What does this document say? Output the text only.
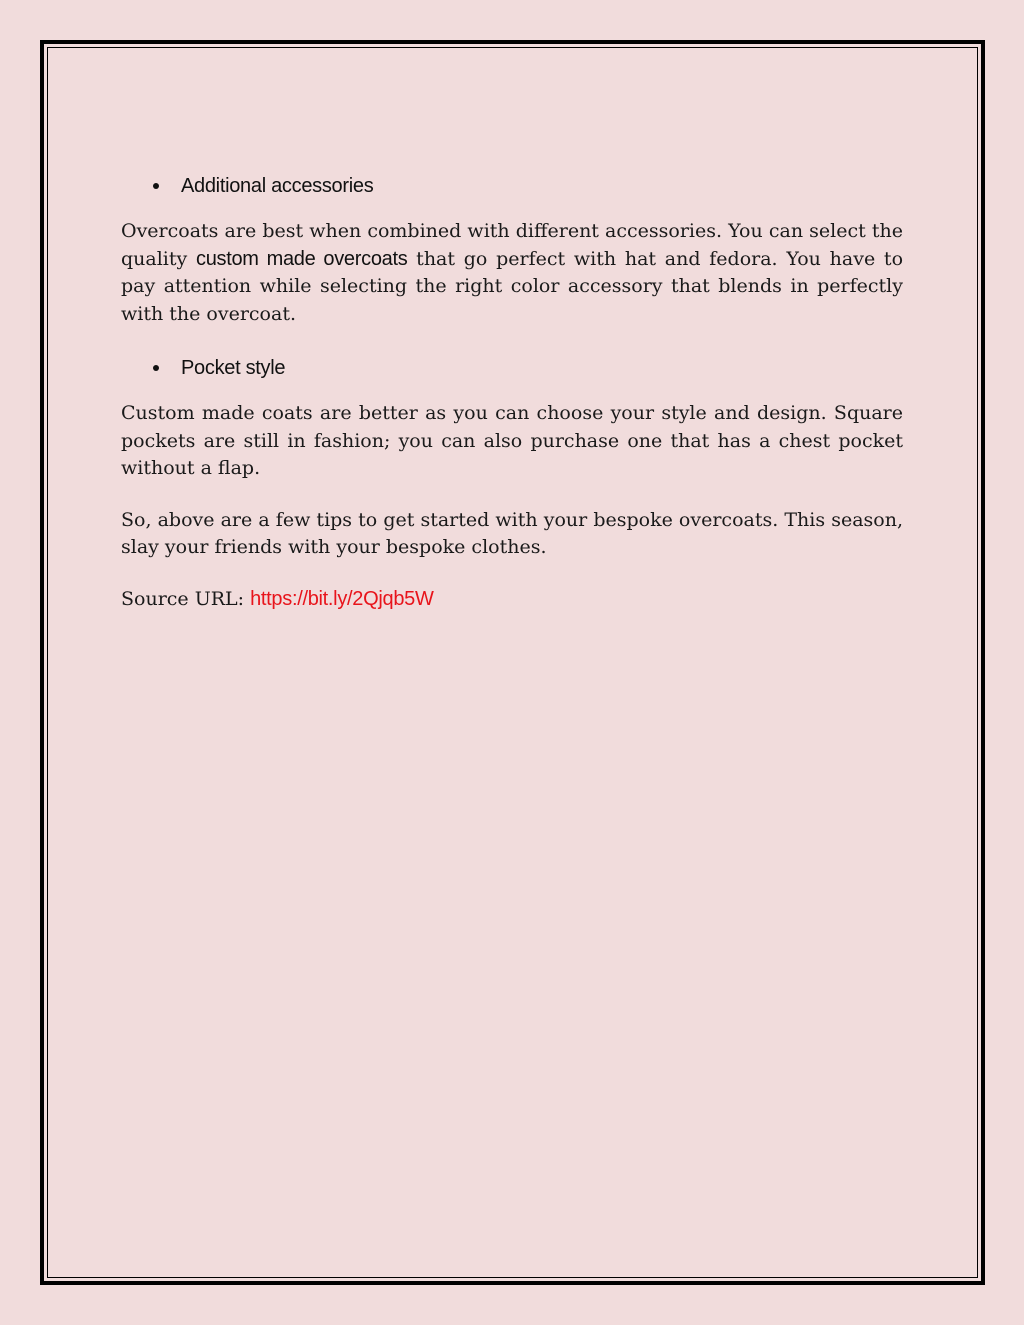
Additional accessories

Overcoats are best when combined with different accessories. You can select the quality custom made overcoats that go perfect with hat and fedora. You have to pay attention while selecting the right color accessory that blends in perfectly with the overcoat.

Pocket style

Custom made coats are better as you can choose your style and design. Square pockets are still in fashion; you can also purchase one that has a chest pocket without a flap.

So, above are a few tips to get started with your bespoke overcoats. This season, slay your friends with your bespoke clothes.

Source URL: https://bit.ly/2Qjqb5W
